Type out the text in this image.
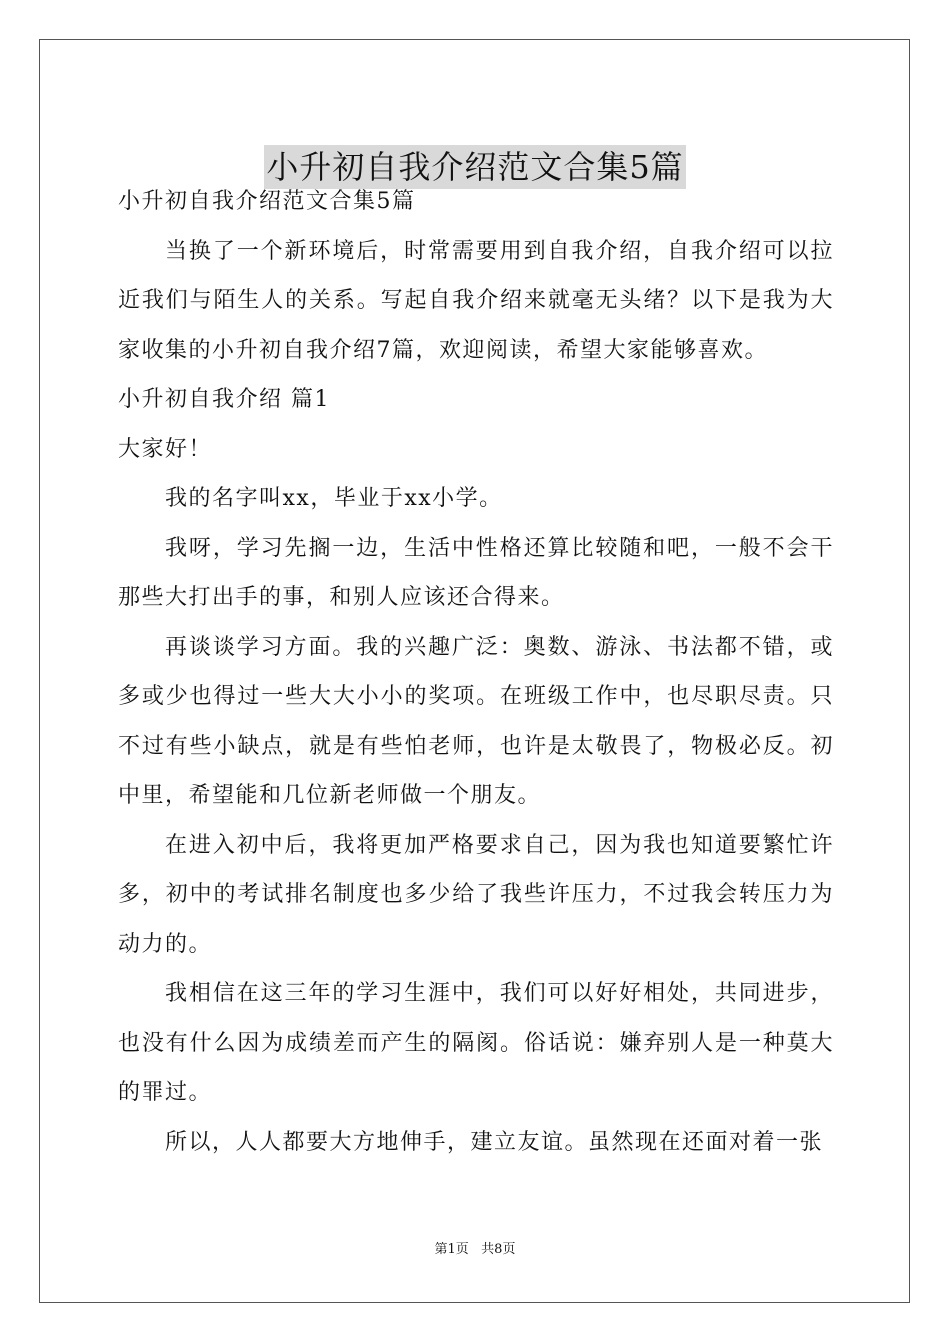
小升初自我介绍范文合集5篇

小升初自我介绍范文合集5篇

当换了一个新环境后，时常需要用到自我介绍，自我介绍可以拉近我们与陌生人的关系。写起自我介绍来就毫无头绪？以下是我为大家收集的小升初自我介绍7篇，欢迎阅读，希望大家能够喜欢。

小升初自我介绍 篇1

大家好！

我的名字叫xx，毕业于xx小学。

我呀，学习先搁一边，生活中性格还算比较随和吧，一般不会干那些大打出手的事，和别人应该还合得来。

再谈谈学习方面。我的兴趣广泛：奥数、游泳、书法都不错，或多或少也得过一些大大小小的奖项。在班级工作中，也尽职尽责。只不过有些小缺点，就是有些怕老师，也许是太敬畏了，物极必反。初中里，希望能和几位新老师做一个朋友。

在进入初中后，我将更加严格要求自己，因为我也知道要繁忙许多，初中的考试排名制度也多少给了我些许压力，不过我会转压力为动力的。

我相信在这三年的学习生涯中，我们可以好好相处，共同进步，也没有什么因为成绩差而产生的隔阂。俗话说：嫌弃别人是一种莫大的罪过。

所以，人人都要大方地伸手，建立友谊。虽然现在还面对着一张

第1页   共8页
